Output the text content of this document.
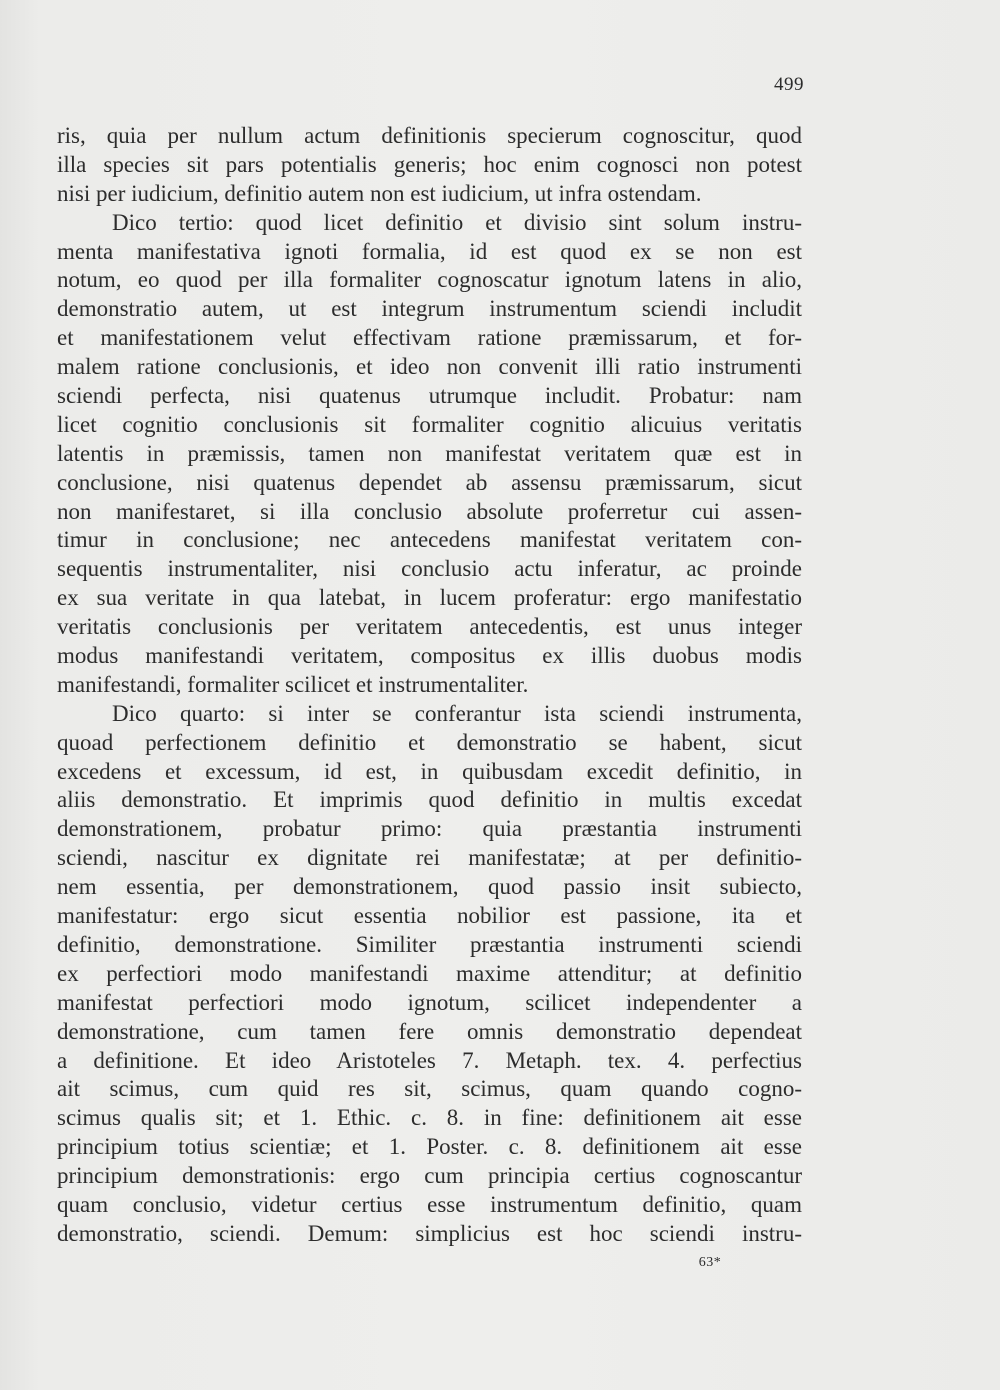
499
ris, quia per nullum actum definitionis specierum cognoscitur, quod
illa species sit pars potentialis generis; hoc enim cognosci non potest
nisi per iudicium, definitio autem non est iudicium, ut infra ostendam.
Dico tertio: quod licet definitio et divisio sint solum instru-
menta manifestativa ignoti formalia, id est quod ex se non est
notum, eo quod per illa formaliter cognoscatur ignotum latens in alio,
demonstratio autem, ut est integrum instrumentum sciendi includit
et manifestationem velut effectivam ratione præmissarum, et for-
malem ratione conclusionis, et ideo non convenit illi ratio instrumenti
sciendi perfecta, nisi quatenus utrumque includit. Probatur: nam
licet cognitio conclusionis sit formaliter cognitio alicuius veritatis
latentis in præmissis, tamen non manifestat veritatem quæ est in
conclusione, nisi quatenus dependet ab assensu præmissarum, sicut
non manifestaret, si illa conclusio absolute proferretur cui assen-
timur in conclusione; nec antecedens manifestat veritatem con-
sequentis instrumentaliter, nisi conclusio actu inferatur, ac proinde
ex sua veritate in qua latebat, in lucem proferatur: ergo manifestatio
veritatis conclusionis per veritatem antecedentis, est unus integer
modus manifestandi veritatem, compositus ex illis duobus modis
manifestandi, formaliter scilicet et instrumentaliter.
Dico quarto: si inter se conferantur ista sciendi instrumenta,
quoad perfectionem definitio et demonstratio se habent, sicut
excedens et excessum, id est, in quibusdam excedit definitio, in
aliis demonstratio. Et imprimis quod definitio in multis excedat
demonstrationem, probatur primo: quia præstantia instrumenti
sciendi, nascitur ex dignitate rei manifestatæ; at per definitio-
nem essentia, per demonstrationem, quod passio insit subiecto,
manifestatur: ergo sicut essentia nobilior est passione, ita et
definitio, demonstratione. Similiter præstantia instrumenti sciendi
ex perfectiori modo manifestandi maxime attenditur; at definitio
manifestat perfectiori modo ignotum, scilicet independenter a
demonstratione, cum tamen fere omnis demonstratio dependeat
a definitione. Et ideo Aristoteles 7. Metaph. tex. 4. perfectius
ait scimus, cum quid res sit, scimus, quam quando cogno-
scimus qualis sit; et 1. Ethic. c. 8. in fine: definitionem ait esse
principium totius scientiæ; et 1. Poster. c. 8. definitionem ait esse
principium demonstrationis: ergo cum principia certius cognoscantur
quam conclusio, videtur certius esse instrumentum definitio, quam
demonstratio, sciendi. Demum: simplicius est hoc sciendi instru-
63*
